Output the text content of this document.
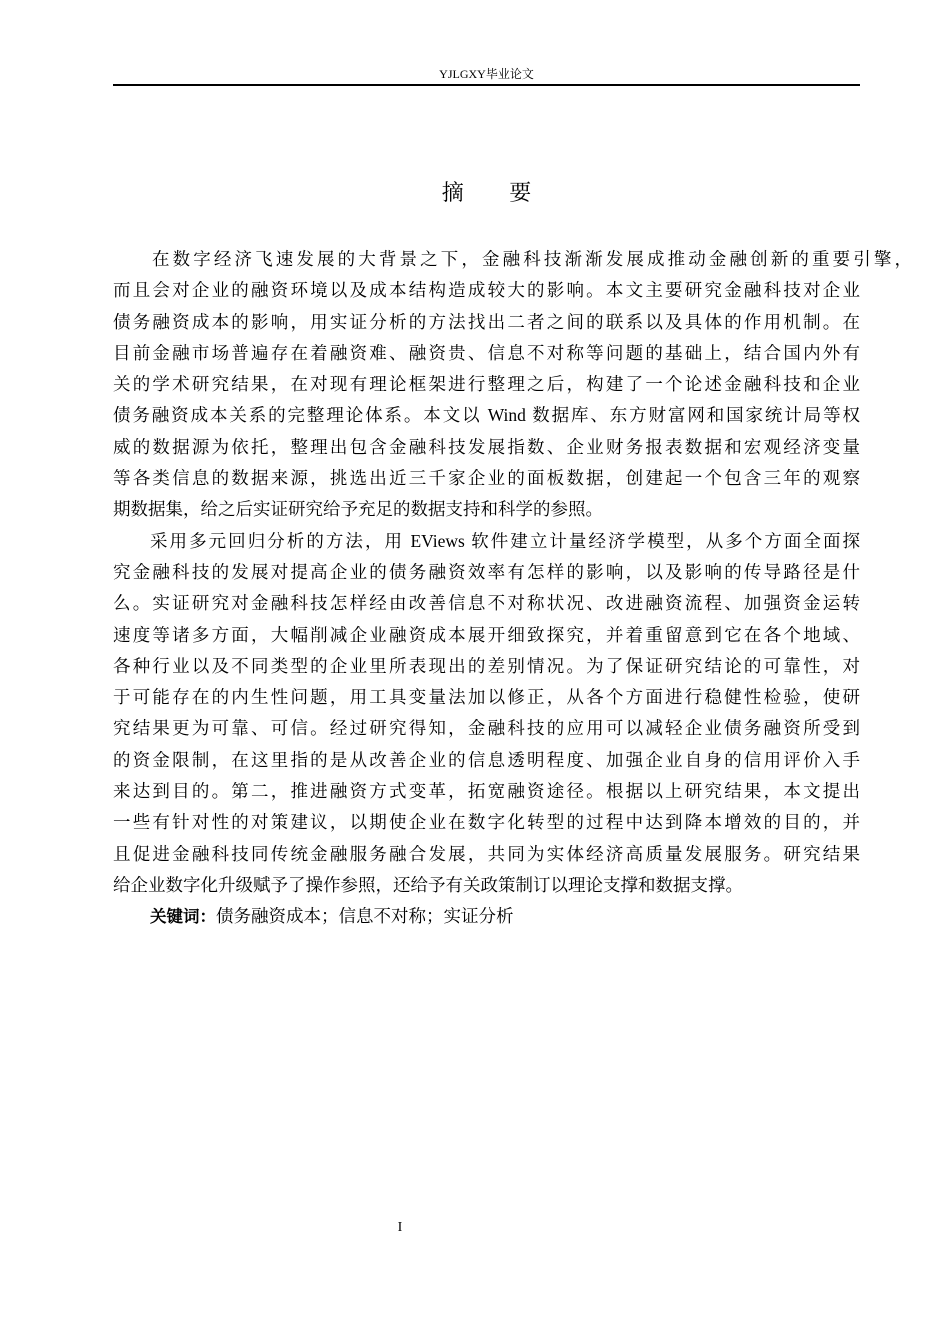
YJLGXY毕业论文
摘 要
在数字经济飞速发展的大背景之下，金融科技渐渐发展成推动金融创新的重要引擎，
而且会对企业的融资环境以及成本结构造成较大的影响。本文主要研究金融科技对企业
债务融资成本的影响，用实证分析的方法找出二者之间的联系以及具体的作用机制。在
目前金融市场普遍存在着融资难、融资贵、信息不对称等问题的基础上，结合国内外有
关的学术研究结果，在对现有理论框架进行整理之后，构建了一个论述金融科技和企业
债务融资成本关系的完整理论体系。本文以 Wind 数据库、东方财富网和国家统计局等权
威的数据源为依托，整理出包含金融科技发展指数、企业财务报表数据和宏观经济变量
等各类信息的数据来源，挑选出近三千家企业的面板数据，创建起一个包含三年的观察
期数据集，给之后实证研究给予充足的数据支持和科学的参照。
采用多元回归分析的方法，用 EViews 软件建立计量经济学模型，从多个方面全面探
究金融科技的发展对提高企业的债务融资效率有怎样的影响，以及影响的传导路径是什
么。实证研究对金融科技怎样经由改善信息不对称状况、改进融资流程、加强资金运转
速度等诸多方面，大幅削减企业融资成本展开细致探究，并着重留意到它在各个地域、
各种行业以及不同类型的企业里所表现出的差别情况。为了保证研究结论的可靠性，对
于可能存在的内生性问题，用工具变量法加以修正，从各个方面进行稳健性检验，使研
究结果更为可靠、可信。经过研究得知，金融科技的应用可以减轻企业债务融资所受到
的资金限制，在这里指的是从改善企业的信息透明程度、加强企业自身的信用评价入手
来达到目的。第二，推进融资方式变革，拓宽融资途径。根据以上研究结果，本文提出
一些有针对性的对策建议，以期使企业在数字化转型的过程中达到降本增效的目的，并
且促进金融科技同传统金融服务融合发展，共同为实体经济高质量发展服务。研究结果
给企业数字化升级赋予了操作参照，还给予有关政策制订以理论支撑和数据支撑。
关键词：债务融资成本；信息不对称；实证分析
I
